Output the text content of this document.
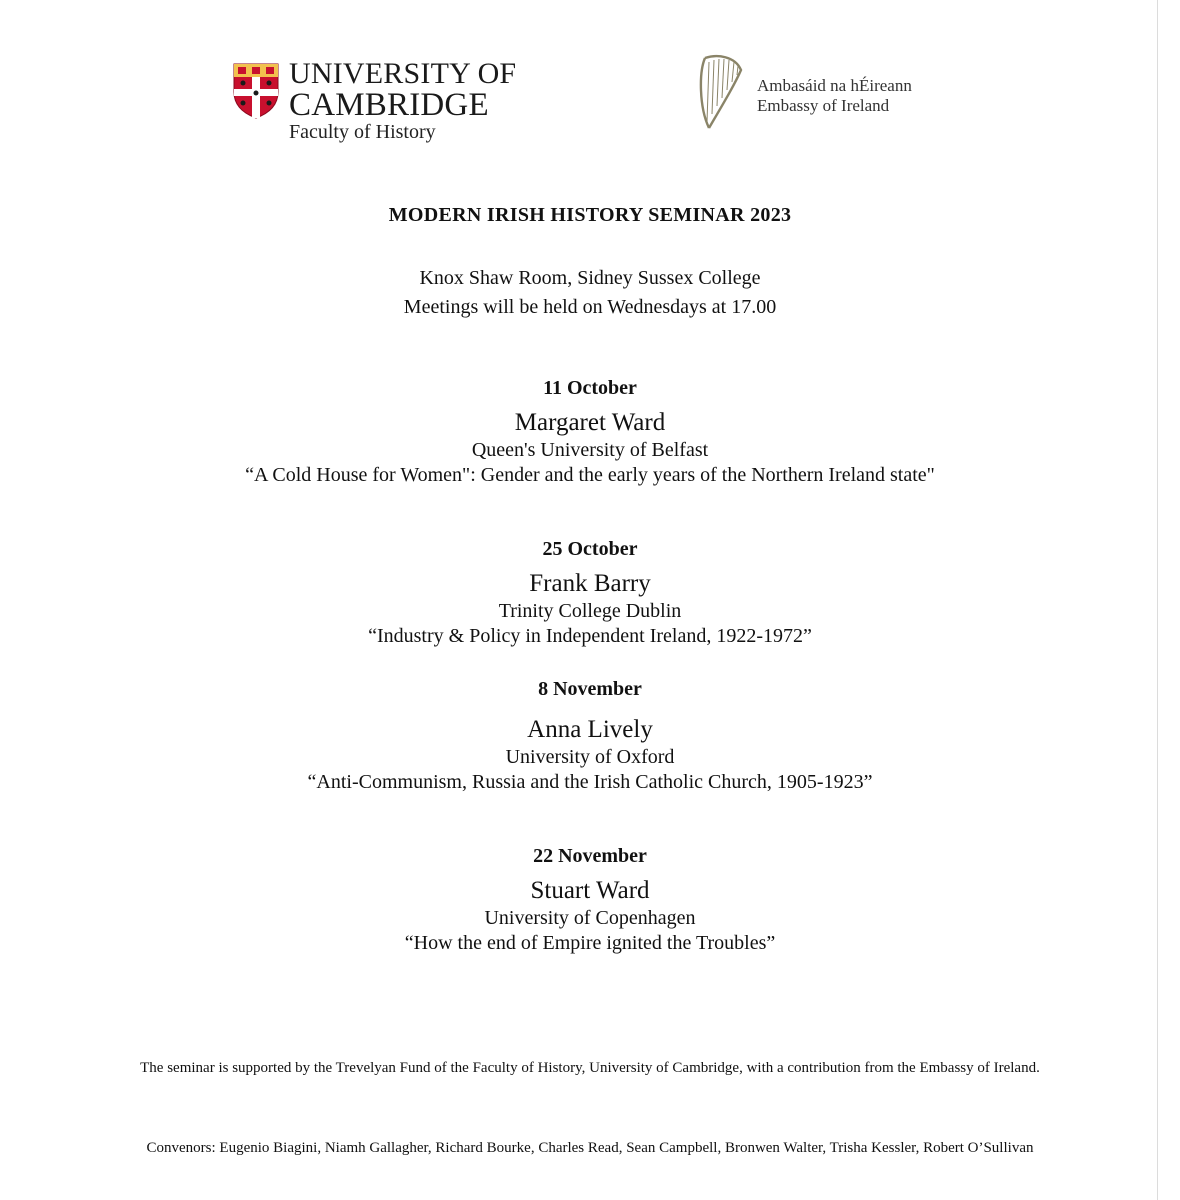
UNIVERSITY OF
CAMBRIDGE
Faculty of History
Ambasáid na hÉireann
Embassy of Ireland
MODERN IRISH HISTORY SEMINAR 2023
Knox Shaw Room, Sidney Sussex College
Meetings will be held on Wednesdays at 17.00
11 October
Margaret Ward
Queen's University of Belfast
“A Cold House for Women": Gender and the early years of the Northern Ireland state"
25 October
Frank Barry
Trinity College Dublin
“Industry & Policy in Independent Ireland, 1922-1972”
8 November
Anna Lively
University of Oxford
“Anti-Communism, Russia and the Irish Catholic Church, 1905-1923”
22 November
Stuart Ward
University of Copenhagen
“How the end of Empire ignited the Troubles”
The seminar is supported by the Trevelyan Fund of the Faculty of History, University of Cambridge, with a contribution from the Embassy of Ireland.
Convenors: Eugenio Biagini, Niamh Gallagher, Richard Bourke, Charles Read, Sean Campbell, Bronwen Walter, Trisha Kessler, Robert O’Sullivan
